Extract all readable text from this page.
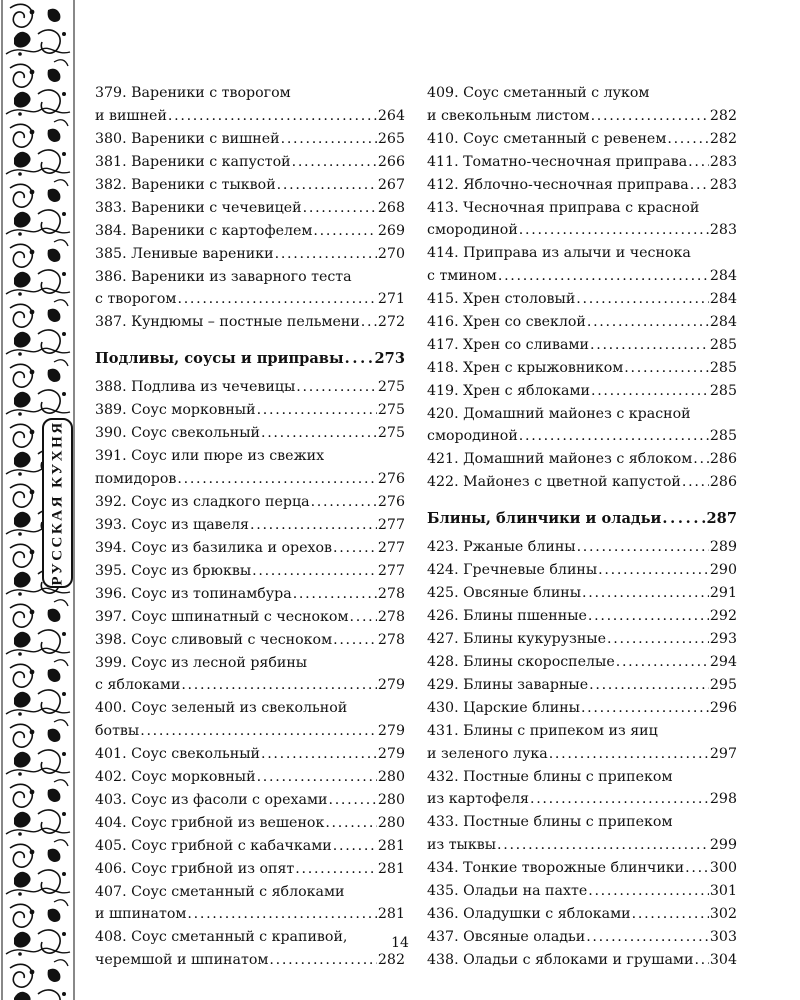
РУССКАЯ КУХНЯ
379. Вареники с творогом
и вишней . . .	264
380. Вареники с вишней . . .	265
381. Вареники с капустой . . .	266
382. Вареники с тыквой . . .	267
383. Вареники с чечевицей . . .	268
384. Вареники с картофелем . . .	269
385. Ленивые вареники . . .	270
386. Вареники из заварного теста
с творогом . . .	271
387. Кундюмы – постные пельмени . . . 272
Подливы, соусы и приправы . . . 273
388. Подлива из чечевицы . . .	275
389. Соус морковный . . .	275
390. Соус свекольный . . .	275
391. Соус или пюре из свежих
помидоров . . .	276
392. Соус из сладкого перца . . .	276
393. Соус из щавеля . . .	277
394. Соус из базилика и орехов . . .	277
395. Соус из брюквы . . .	277
396. Соус из топинамбура . . .	278
397. Соус шпинатный с чесноком . . . 278
398. Соус сливовый с чесноком . . .	278
399. Соус из лесной рябины
с яблоками . . .	279
400. Соус зеленый из свекольной
ботвы . . .	279
401. Соус свекольный . . .	279
402. Соус морковный . . .	280
403. Соус из фасоли с орехами . . .	280
404. Соус грибной из вешенок . . .	280
405. Соус грибной с кабачками . . .	281
406. Соус грибной из опят . . .	281
407. Соус сметанный с яблоками
и шпинатом . . .	281
408. Соус сметанный с крапивой,
черемшой и шпинатом . . .	282
409. Соус сметанный с луком
и свекольным листом . . .	282
410. Соус сметанный с ревенем . . .	282
411. Томатно-чесночная приправа . . . 283
412. Яблочно-чесночная приправа . . . 283
413. Чесночная приправа с красной
смородиной . . .	283
414. Приправа из алычи и чеснока
с тмином . . .	284
415. Хрен столовый . . .	284
416. Хрен со свеклой . . .	284
417. Хрен со сливами . . .	285
418. Хрен с крыжовником . . .	285
419. Хрен с яблоками . . .	285
420. Домашний майонез с красной
смородиной . . .	285
421. Домашний майонез с яблоком . . . 286
422. Майонез с цветной капустой . . . 286
Блины, блинчики и оладьи . . .	287
423. Ржаные блины . . .	289
424. Гречневые блины . . .	290
425. Овсяные блины . . .	291
426. Блины пшенные . . .	292
427. Блины кукурузные . . .	293
428. Блины скороспелые . . .	294
429. Блины заварные . . .	295
430. Царские блины . . .	296
431. Блины с припеком из яиц
и зеленого лука . . .	297
432. Постные блины с припеком
из картофеля . . .	298
433. Постные блины с припеком
из тыквы . . .	299
434. Тонкие творожные блинчики . . . 300
435. Оладьи на пахте . . .	301
436. Оладушки с яблоками . . .	302
437. Овсяные оладьи . . .	303
438. Оладьи с яблоками и грушами . . . 304
14
